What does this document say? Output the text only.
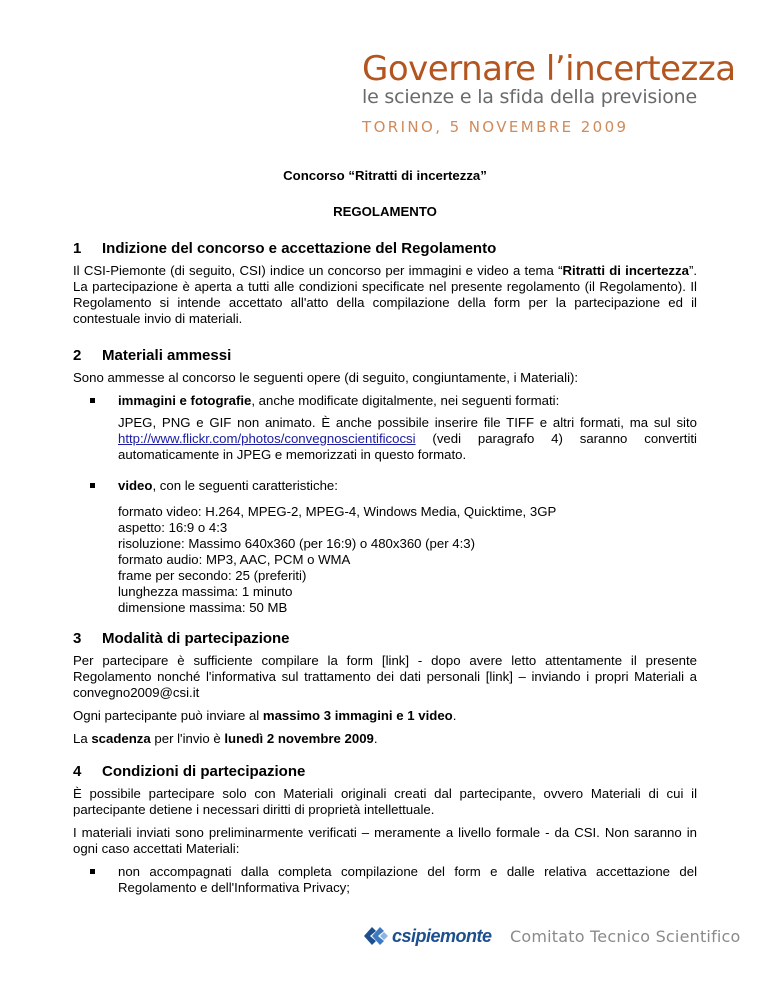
Governare l’incertezza
le scienze e la sfida della previsione
TORINO, 5 NOVEMBRE 2009
Concorso “Ritratti di incertezza”
REGOLAMENTO
1 Indizione del concorso e accettazione del Regolamento

Il CSI-Piemonte (di seguito, CSI) indice un concorso per immagini e video a tema “Ritratti di incertezza”. La partecipazione è aperta a tutti alle condizioni specificate nel presente regolamento (il Regolamento). Il Regolamento si intende accettato all'atto della compilazione della form per la partecipazione ed il contestuale invio di materiali.

2 Materiali ammessi

Sono ammesse al concorso le seguenti opere (di seguito, congiuntamente, i Materiali):

immagini e fotografie, anche modificate digitalmente, nei seguenti formati:

JPEG, PNG e GIF non animato. È anche possibile inserire file TIFF e altri formati, ma sul sito http://www.flickr.com/photos/convegnoscientificocsi (vedi paragrafo 4) saranno convertiti automaticamente in JPEG e memorizzati in questo formato.

video, con le seguenti caratteristiche:

formato video: H.264, MPEG-2, MPEG-4, Windows Media, Quicktime, 3GP
aspetto: 16:9 o 4:3
risoluzione: Massimo 640x360 (per 16:9) o 480x360 (per 4:3)
formato audio: MP3, AAC, PCM o WMA
frame per secondo: 25 (preferiti)
lunghezza massima: 1 minuto
dimensione massima: 50 MB
3 Modalità di partecipazione

Per partecipare è sufficiente compilare la form [link] - dopo avere letto attentamente il presente Regolamento nonché l'informativa sul trattamento dei dati personali [link] – inviando i propri Materiali a convegno2009@csi.it

Ogni partecipante può inviare al massimo 3 immagini e 1 video.

La scadenza per l'invio è lunedì 2 novembre 2009.

4 Condizioni di partecipazione

È possibile partecipare solo con Materiali originali creati dal partecipante, ovvero Materiali di cui il partecipante detiene i necessari diritti di proprietà intellettuale.

I materiali inviati sono preliminarmente verificati – meramente a livello formale - da CSI. Non saranno in ogni caso accettati Materiali:

non accompagnati dalla completa compilazione del form e dalle relativa accettazione del Regolamento e dell'Informativa Privacy;

csipiemonte Comitato Tecnico Scientifico
